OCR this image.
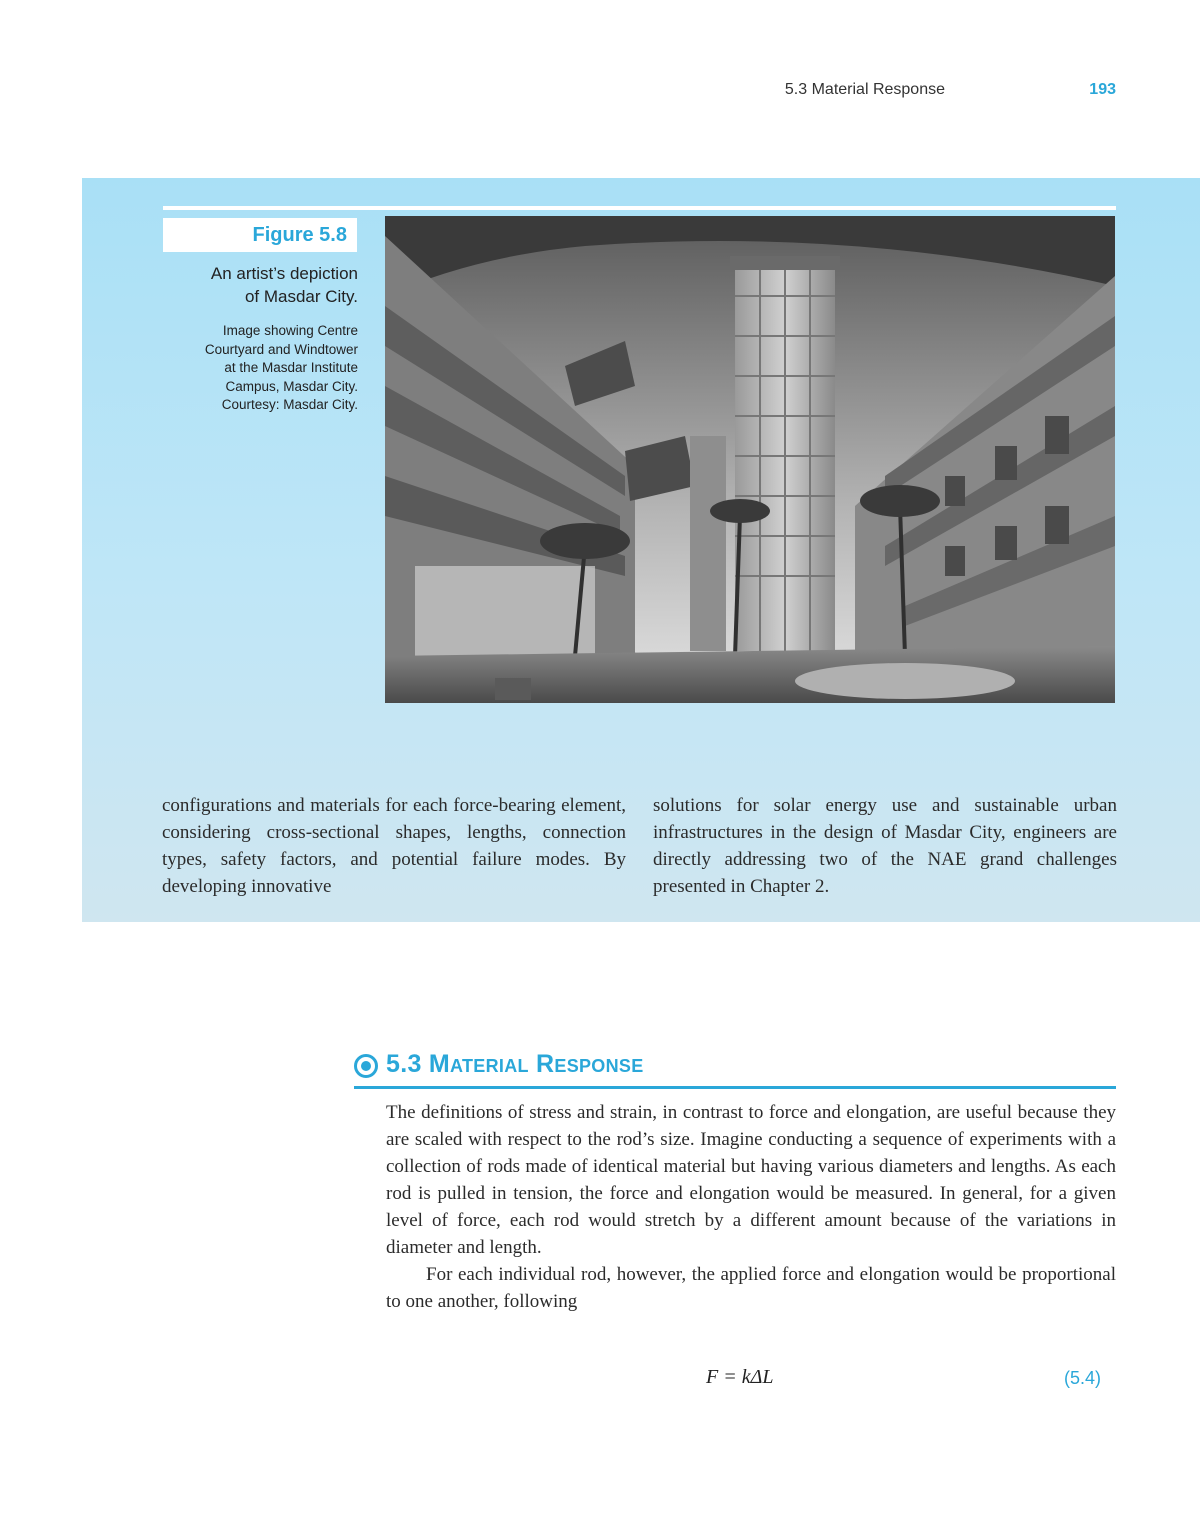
5.3 Material Response	193
Figure 5.8
An artist’s depiction
of Masdar City.
Image showing Centre
Courtyard and Windtower
at the Masdar Institute
Campus, Masdar City.
Courtesy: Masdar City.
configurations and materials for each force-bearing element, considering cross-sectional shapes, lengths, connection types, safety factors, and potential failure modes. By developing innovative
solutions for solar energy use and sustainable urban infrastructures in the design of Masdar City, engineers are directly addressing two of the NAE grand challenges presented in Chapter 2.
5.3 Material Response

The definitions of stress and strain, in contrast to force and elongation, are useful because they are scaled with respect to the rod’s size. Imagine conducting a sequence of experiments with a collection of rods made of identical material but having various diameters and lengths. As each rod is pulled in tension, the force and elongation would be measured. In general, for a given level of force, each rod would stretch by a different amount because of the variations in diameter and length.

For each individual rod, however, the applied force and elongation would be proportional to one another, following

F = kΔL	(5.4)
